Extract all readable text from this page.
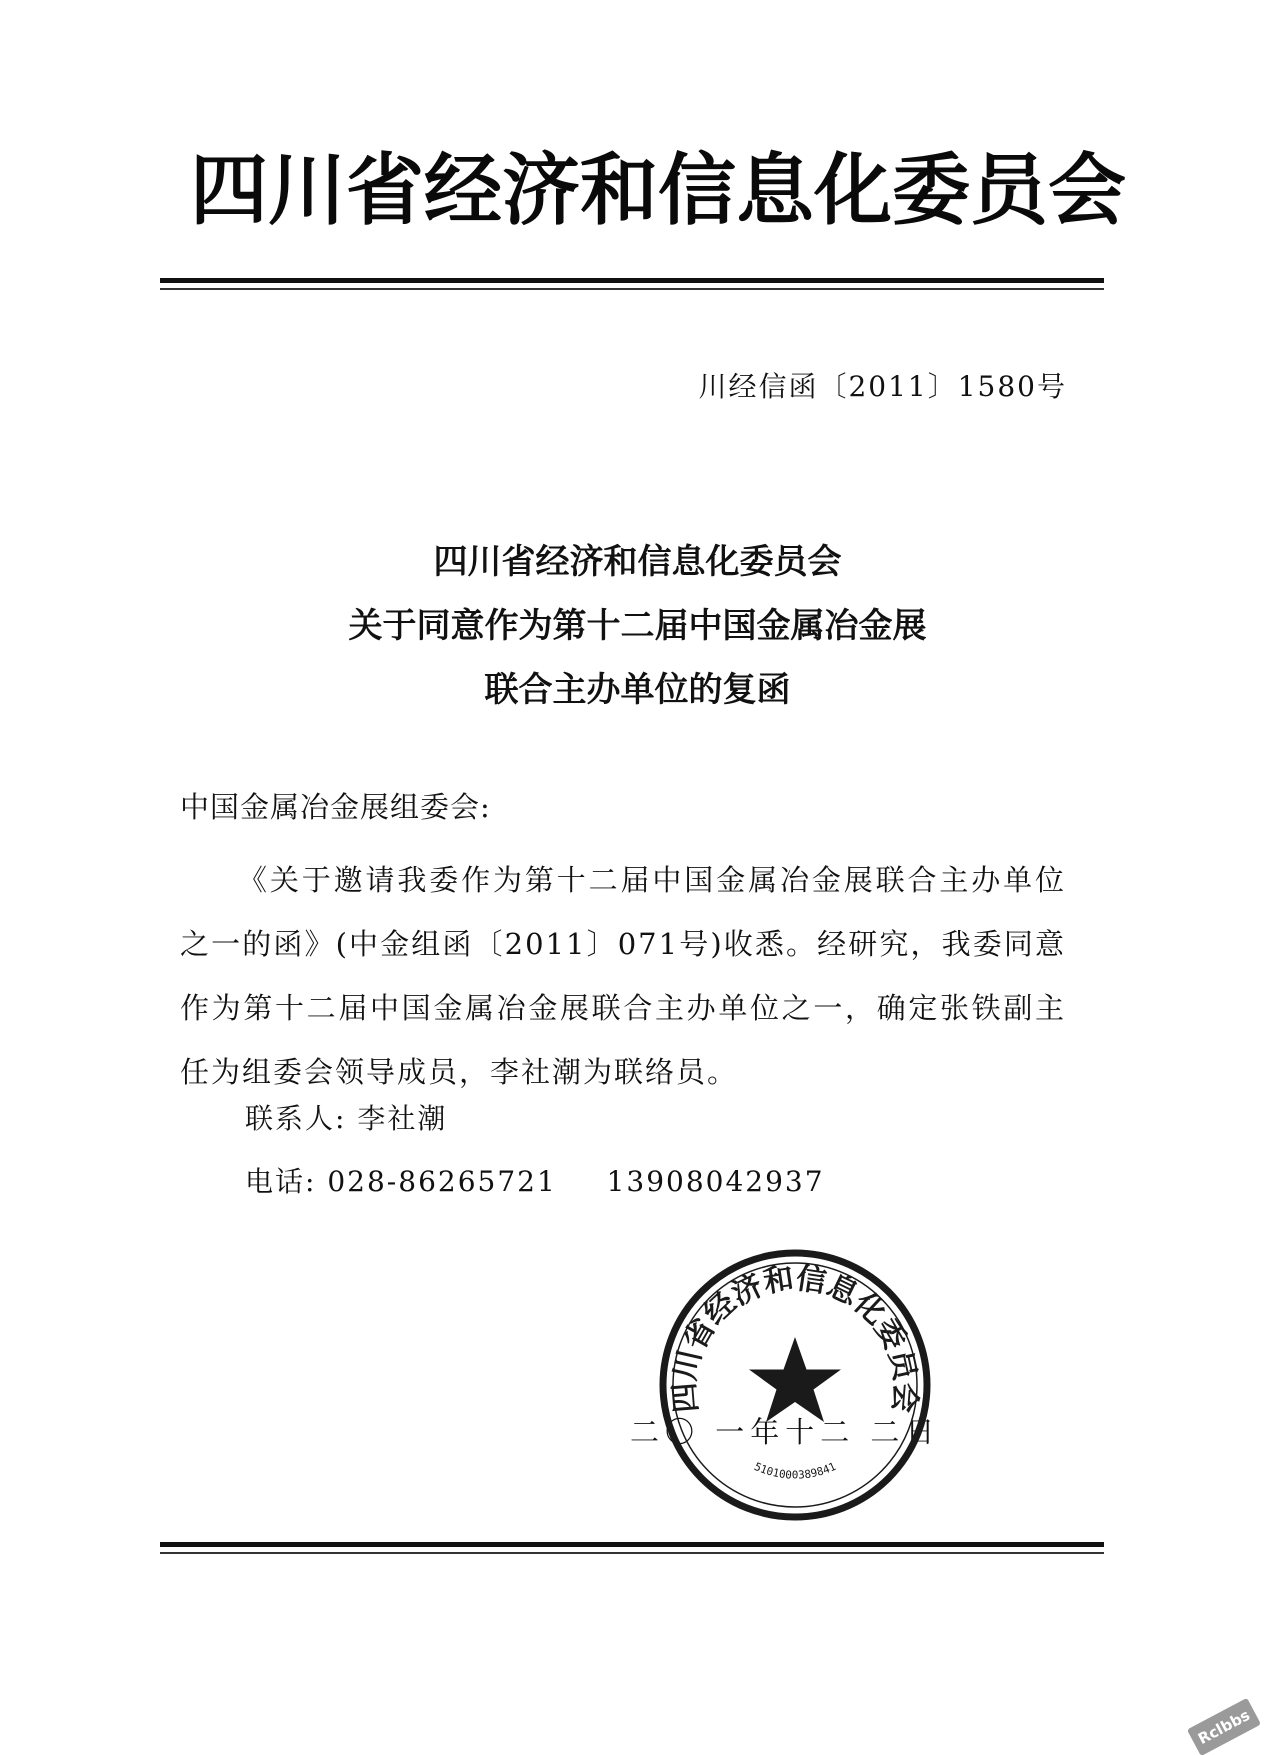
四川省经济和信息化委员会
川经信函〔2011〕1580号
四川省经济和信息化委员会
关于同意作为第十二届中国金属冶金展
联合主办单位的复函
中国金属冶金展组委会:

《关于邀请我委作为第十二届中国金属冶金展联合主办单位之一的函》(中金组函〔2011〕071号)收悉。经研究，我委同意作为第十二届中国金属冶金展联合主办单位之一，确定张铁副主任为组委会领导成员，李社潮为联络员。

联系人: 李社潮
电话: 028-86265721 13908042937
二〇 一年十二 二日
四川省经济和信息化委员会
5101000389841
Rclbbs
